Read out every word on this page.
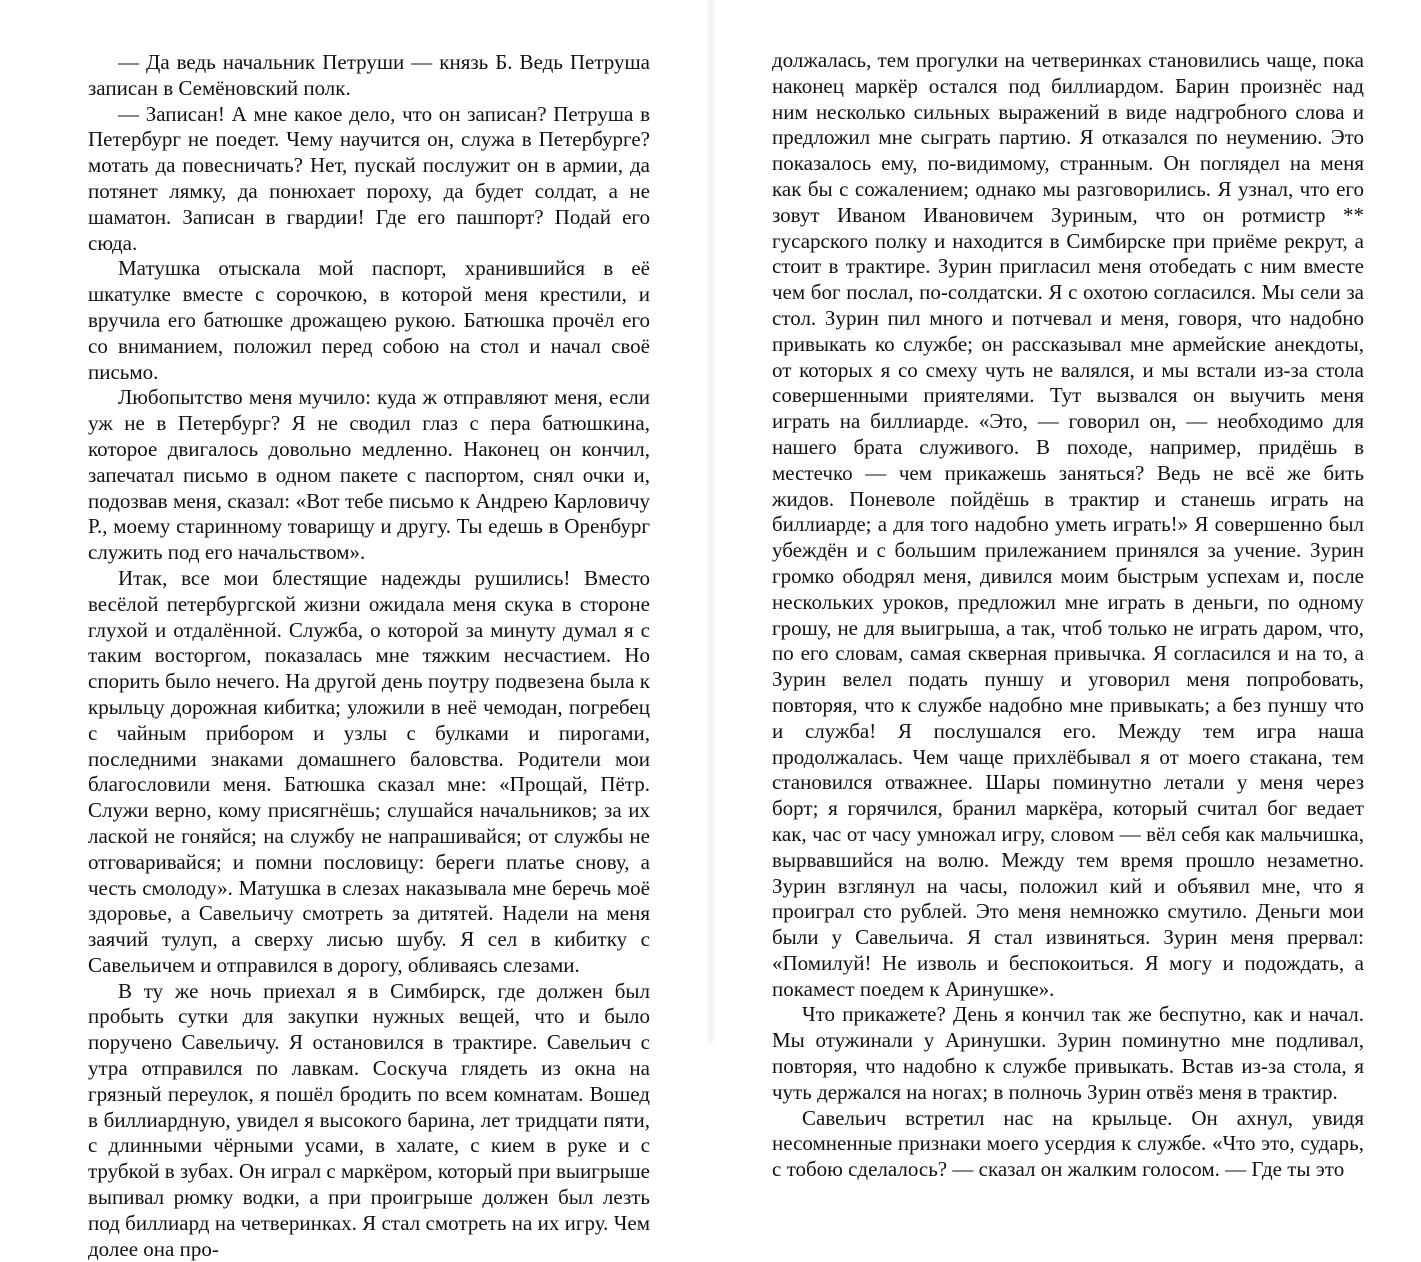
— Да ведь начальник Петруши — князь Б. Ведь Петруша записан в Семёновский полк.

— Записан! А мне какое дело, что он записан? Петруша в Петербург не поедет. Чему научится он, служа в Петербурге? мотать да повесничать? Нет, пускай послужит он в армии, да потянет лямку, да понюхает пороху, да будет солдат, а не шаматон. Записан в гвардии! Где его пашпорт? Подай его сюда.

Матушка отыскала мой паспорт, хранившийся в её шкатулке вместе с сорочкою, в которой меня крестили, и вручила его батюшке дрожащею рукою. Батюшка прочёл его со вниманием, положил перед собою на стол и начал своё письмо.

Любопытство меня мучило: куда ж отправляют меня, если уж не в Петербург? Я не сводил глаз с пера батюшкина, которое двигалось довольно медленно. Наконец он кончил, запечатал письмо в одном пакете с паспортом, снял очки и, подозвав меня, сказал: «Вот тебе письмо к Андрею Карловичу Р., моему старинному товарищу и другу. Ты едешь в Оренбург служить под его начальством».

Итак, все мои блестящие надежды рушились! Вместо весёлой петербургской жизни ожидала меня скука в стороне глухой и отдалённой. Служба, о которой за минуту думал я с таким восторгом, показалась мне тяжким несчастием. Но спорить было нечего. На другой день поутру подвезена была к крыльцу дорожная кибитка; уложили в неё чемодан, погребец с чайным прибором и узлы с булками и пирогами, последними знаками домашнего баловства. Родители мои благословили меня. Батюшка сказал мне: «Прощай, Пётр. Служи верно, кому присягнёшь; слушайся начальников; за их лаской не гоняйся; на службу не напрашивайся; от службы не отговаривайся; и помни пословицу: береги платье снову, а честь смолоду». Матушка в слезах наказывала мне беречь моё здоровье, а Савельичу смотреть за дитятей. Надели на меня заячий тулуп, а сверху лисью шубу. Я сел в кибитку с Савельичем и отправился в дорогу, обливаясь слезами.

В ту же ночь приехал я в Симбирск, где должен был пробыть сутки для закупки нужных вещей, что и было поручено Савельичу. Я остановился в трактире. Савельич с утра отправился по лавкам. Соскуча глядеть из окна на грязный переулок, я пошёл бродить по всем комнатам. Вошед в биллиардную, увидел я высокого барина, лет тридцати пяти, с длинными чёрными усами, в халате, с кием в руке и с трубкой в зубах. Он играл с маркёром, который при выигрыше выпивал рюмку водки, а при проигрыше должен был лезть под биллиард на четверинках. Я стал смотреть на их игру. Чем долее она про-

должалась, тем прогулки на четверинках становились чаще, пока наконец маркёр остался под биллиардом. Барин произнёс над ним несколько сильных выражений в виде надгробного слова и предложил мне сыграть партию. Я отказался по неумению. Это показалось ему, по-видимому, странным. Он поглядел на меня как бы с сожалением; однако мы разговорились. Я узнал, что его зовут Иваном Ивановичем Зуриным, что он ротмистр ** гусарского полку и находится в Симбирске при приёме рекрут, а стоит в трактире. Зурин пригласил меня отобедать с ним вместе чем бог послал, по-солдатски. Я с охотою согласился. Мы сели за стол. Зурин пил много и потчевал и меня, говоря, что надобно привыкать ко службе; он рассказывал мне армейские анекдоты, от которых я со смеху чуть не валялся, и мы встали из-за стола совершенными приятелями. Тут вызвался он выучить меня играть на биллиарде. «Это, — говорил он, — необходимо для нашего брата служивого. В походе, например, придёшь в местечко — чем прикажешь заняться? Ведь не всё же бить жидов. Поневоле пойдёшь в трактир и станешь играть на биллиарде; а для того надобно уметь играть!» Я совершенно был убеждён и с большим прилежанием принялся за учение. Зурин громко ободрял меня, дивился моим быстрым успехам и, после нескольких уроков, предложил мне играть в деньги, по одному грошу, не для выигрыша, а так, чтоб только не играть даром, что, по его словам, самая скверная привычка. Я согласился и на то, а Зурин велел подать пуншу и уговорил меня попробовать, повторяя, что к службе надобно мне привыкать; а без пуншу что и служба! Я послушался его. Между тем игра наша продолжалась. Чем чаще прихлёбывал я от моего стакана, тем становился отважнее. Шары поминутно летали у меня через борт; я горячился, бранил маркёра, который считал бог ведает как, час от часу умножал игру, словом — вёл себя как мальчишка, вырвавшийся на волю. Между тем время прошло незаметно. Зурин взглянул на часы, положил кий и объявил мне, что я проиграл сто рублей. Это меня немножко смутило. Деньги мои были у Савельича. Я стал извиняться. Зурин меня прервал: «Помилуй! Не изволь и беспокоиться. Я могу и подождать, а покамест поедем к Аринушке».

Что прикажете? День я кончил так же беспутно, как и начал. Мы отужинали у Аринушки. Зурин поминутно мне подливал, повторяя, что надобно к службе привыкать. Встав из-за стола, я чуть держался на ногах; в полночь Зурин отвёз меня в трактир.

Савельич встретил нас на крыльце. Он ахнул, увидя несомненные признаки моего усердия к службе. «Что это, сударь, с тобою сделалось? — сказал он жалким голосом. — Где ты это
